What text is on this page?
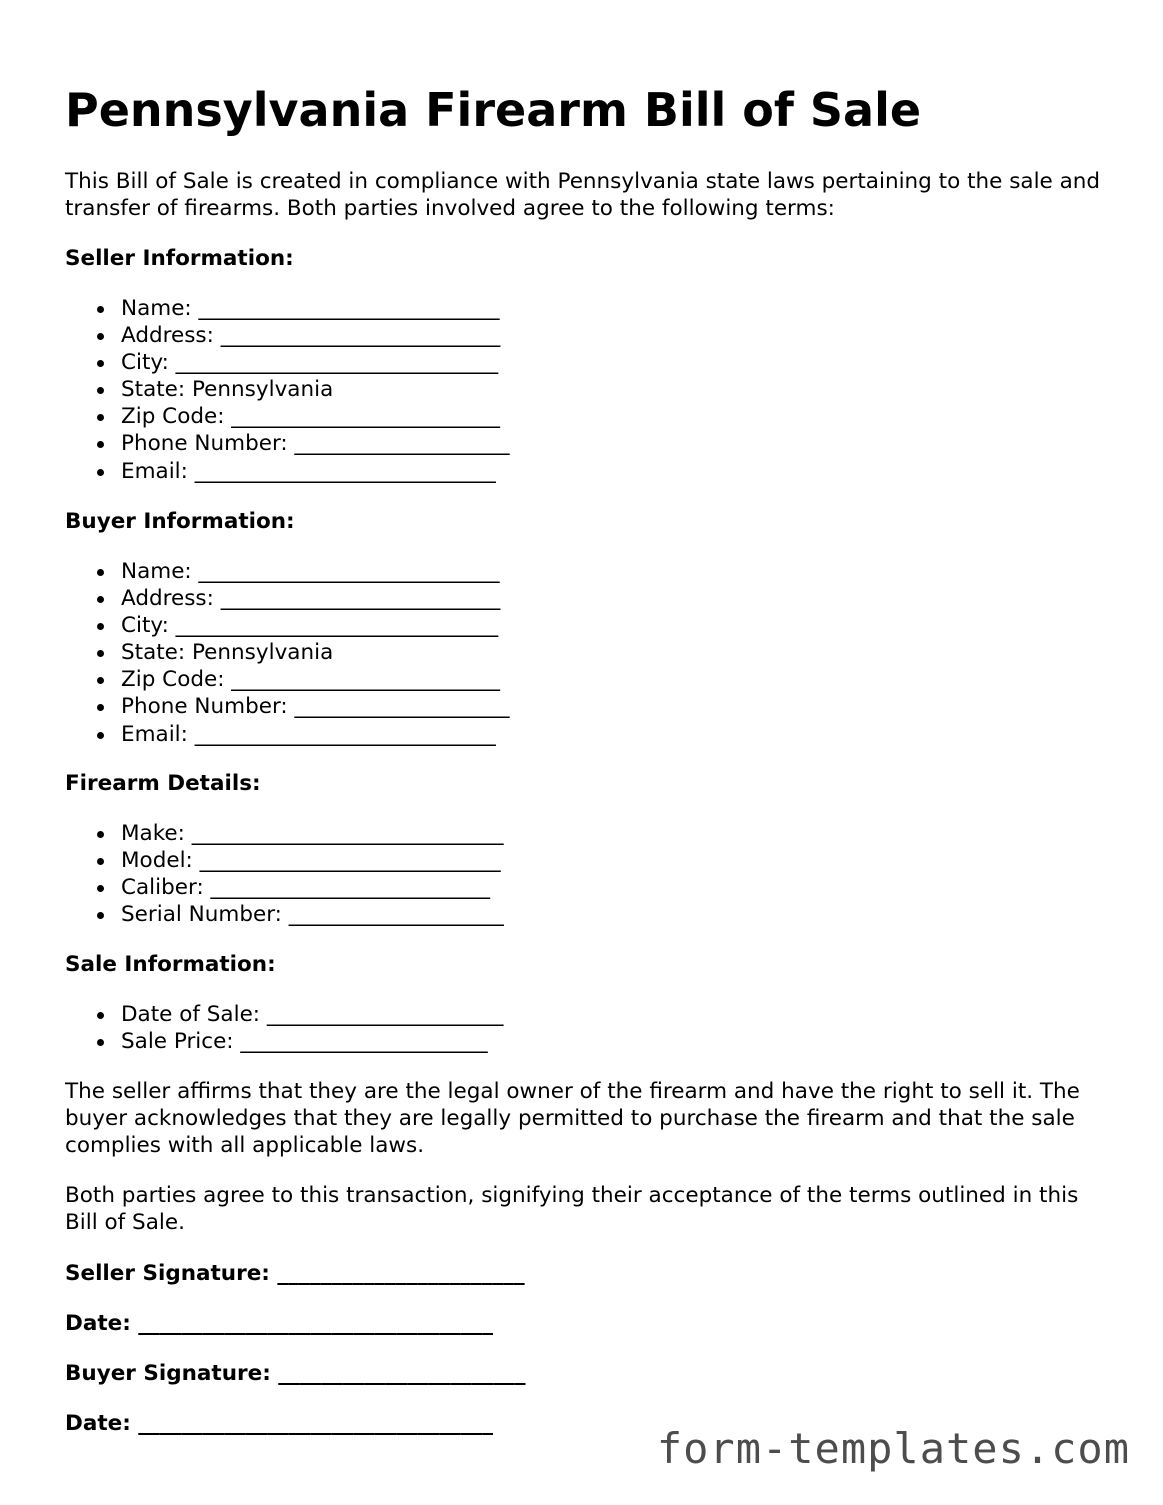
Pennsylvania Firearm Bill of Sale

This Bill of Sale is created in compliance with Pennsylvania state laws pertaining to the sale and transfer of firearms. Both parties involved agree to the following terms:

Seller Information:

Name: ____________________________
Address: __________________________
City: ______________________________
State: Pennsylvania
Zip Code: _________________________
Phone Number: ____________________
Email: ____________________________

Buyer Information:

Name: ____________________________
Address: __________________________
City: ______________________________
State: Pennsylvania
Zip Code: _________________________
Phone Number: ____________________
Email: ____________________________

Firearm Details:

Make: _____________________________
Model: ____________________________
Caliber: __________________________
Serial Number: ____________________

Sale Information:

Date of Sale: ______________________
Sale Price: _______________________

The seller affirms that they are the legal owner of the firearm and have the right to sell it. The buyer acknowledges that they are legally permitted to purchase the firearm and that the sale complies with all applicable laws.

Both parties agree to this transaction, signifying their acceptance of the terms outlined in this Bill of Sale.

Seller Signature: _______________________

Date: _________________________________

Buyer Signature: _______________________

Date: _________________________________

form-templates.com
